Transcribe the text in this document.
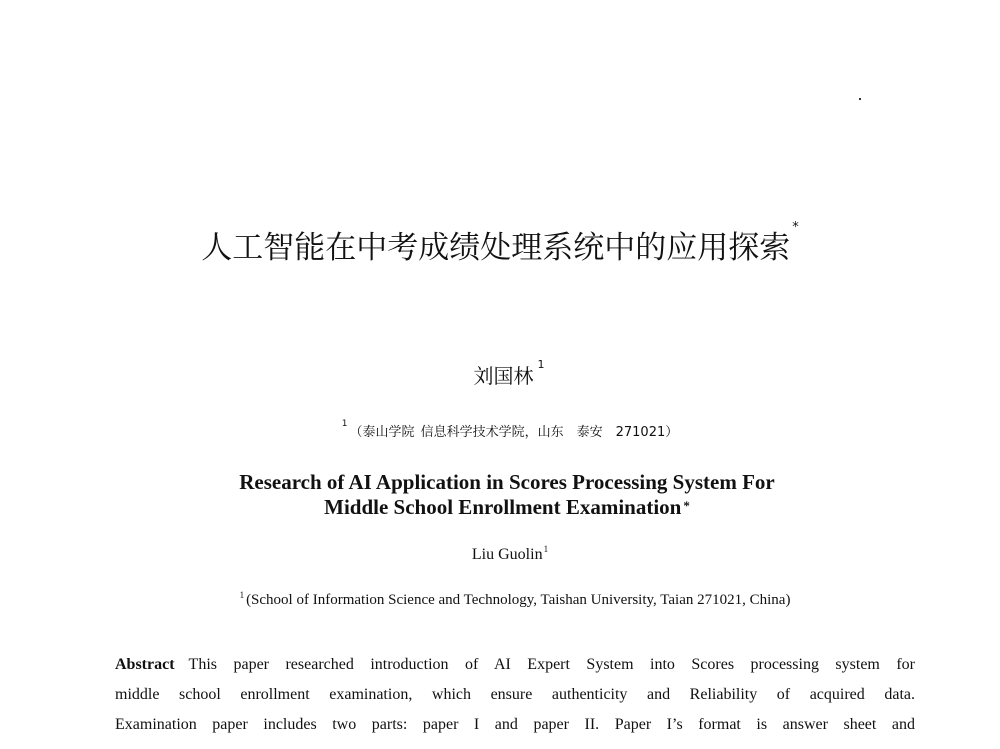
人工智能在中考成绩处理系统中的应用探索*
刘国林 $^1$
$^1$（泰山学院 信息科学技术学院，山东　泰安　271021）
Research of AI Application in Scores Processing System For
Middle School Enrollment Examination *
Liu Guolin$^1$
$^1$ (School of Information Science and Technology, Taishan University, Taian 271021, China)
Abstract This paper researched introduction of AI Expert System into Scores processing system for
middle school enrollment examination, which ensure authenticity and Reliability of acquired data.
Examination paper includes two parts: paper I and paper II. Paper I’s format is answer sheet and
